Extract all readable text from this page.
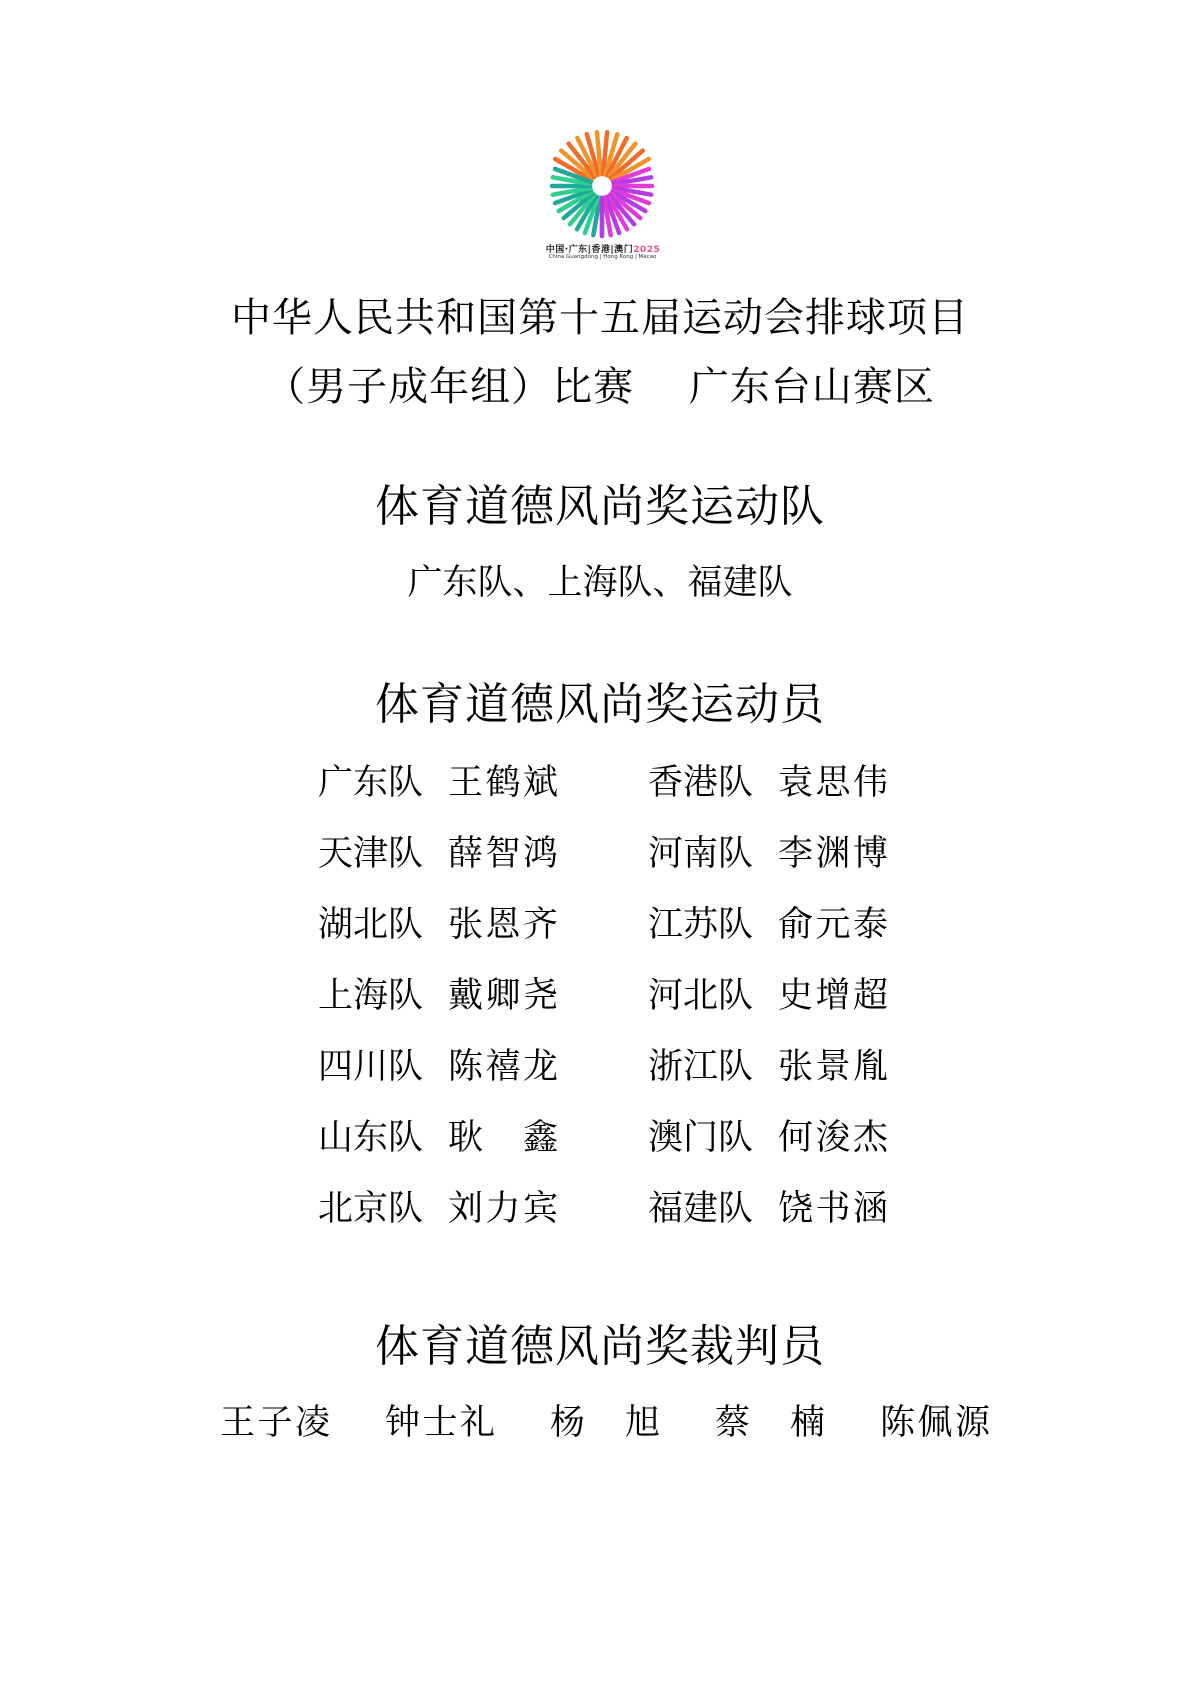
中国·广东|香港|澳门2025
China Guangdong | Hong Kong | Macao
中华人民共和国第十五届运动会排球项目
（男子成年组）比赛　 广东台山赛区
体育道德风尚奖运动队
广东队、上海队、福建队
体育道德风尚奖运动员
广东队 王鹤斌	香港队 袁思伟
天津队 薛智鸿	河南队 李渊博
湖北队 张恩齐	江苏队 俞元泰
上海队 戴卿尧	河北队 史增超
四川队 陈禧龙	浙江队 张景胤
山东队 耿　鑫	澳门队 何浚杰
北京队 刘力宾	福建队 饶书涵
体育道德风尚奖裁判员
王子凌 钟士礼 杨　旭 蔡　楠 陈佩源
